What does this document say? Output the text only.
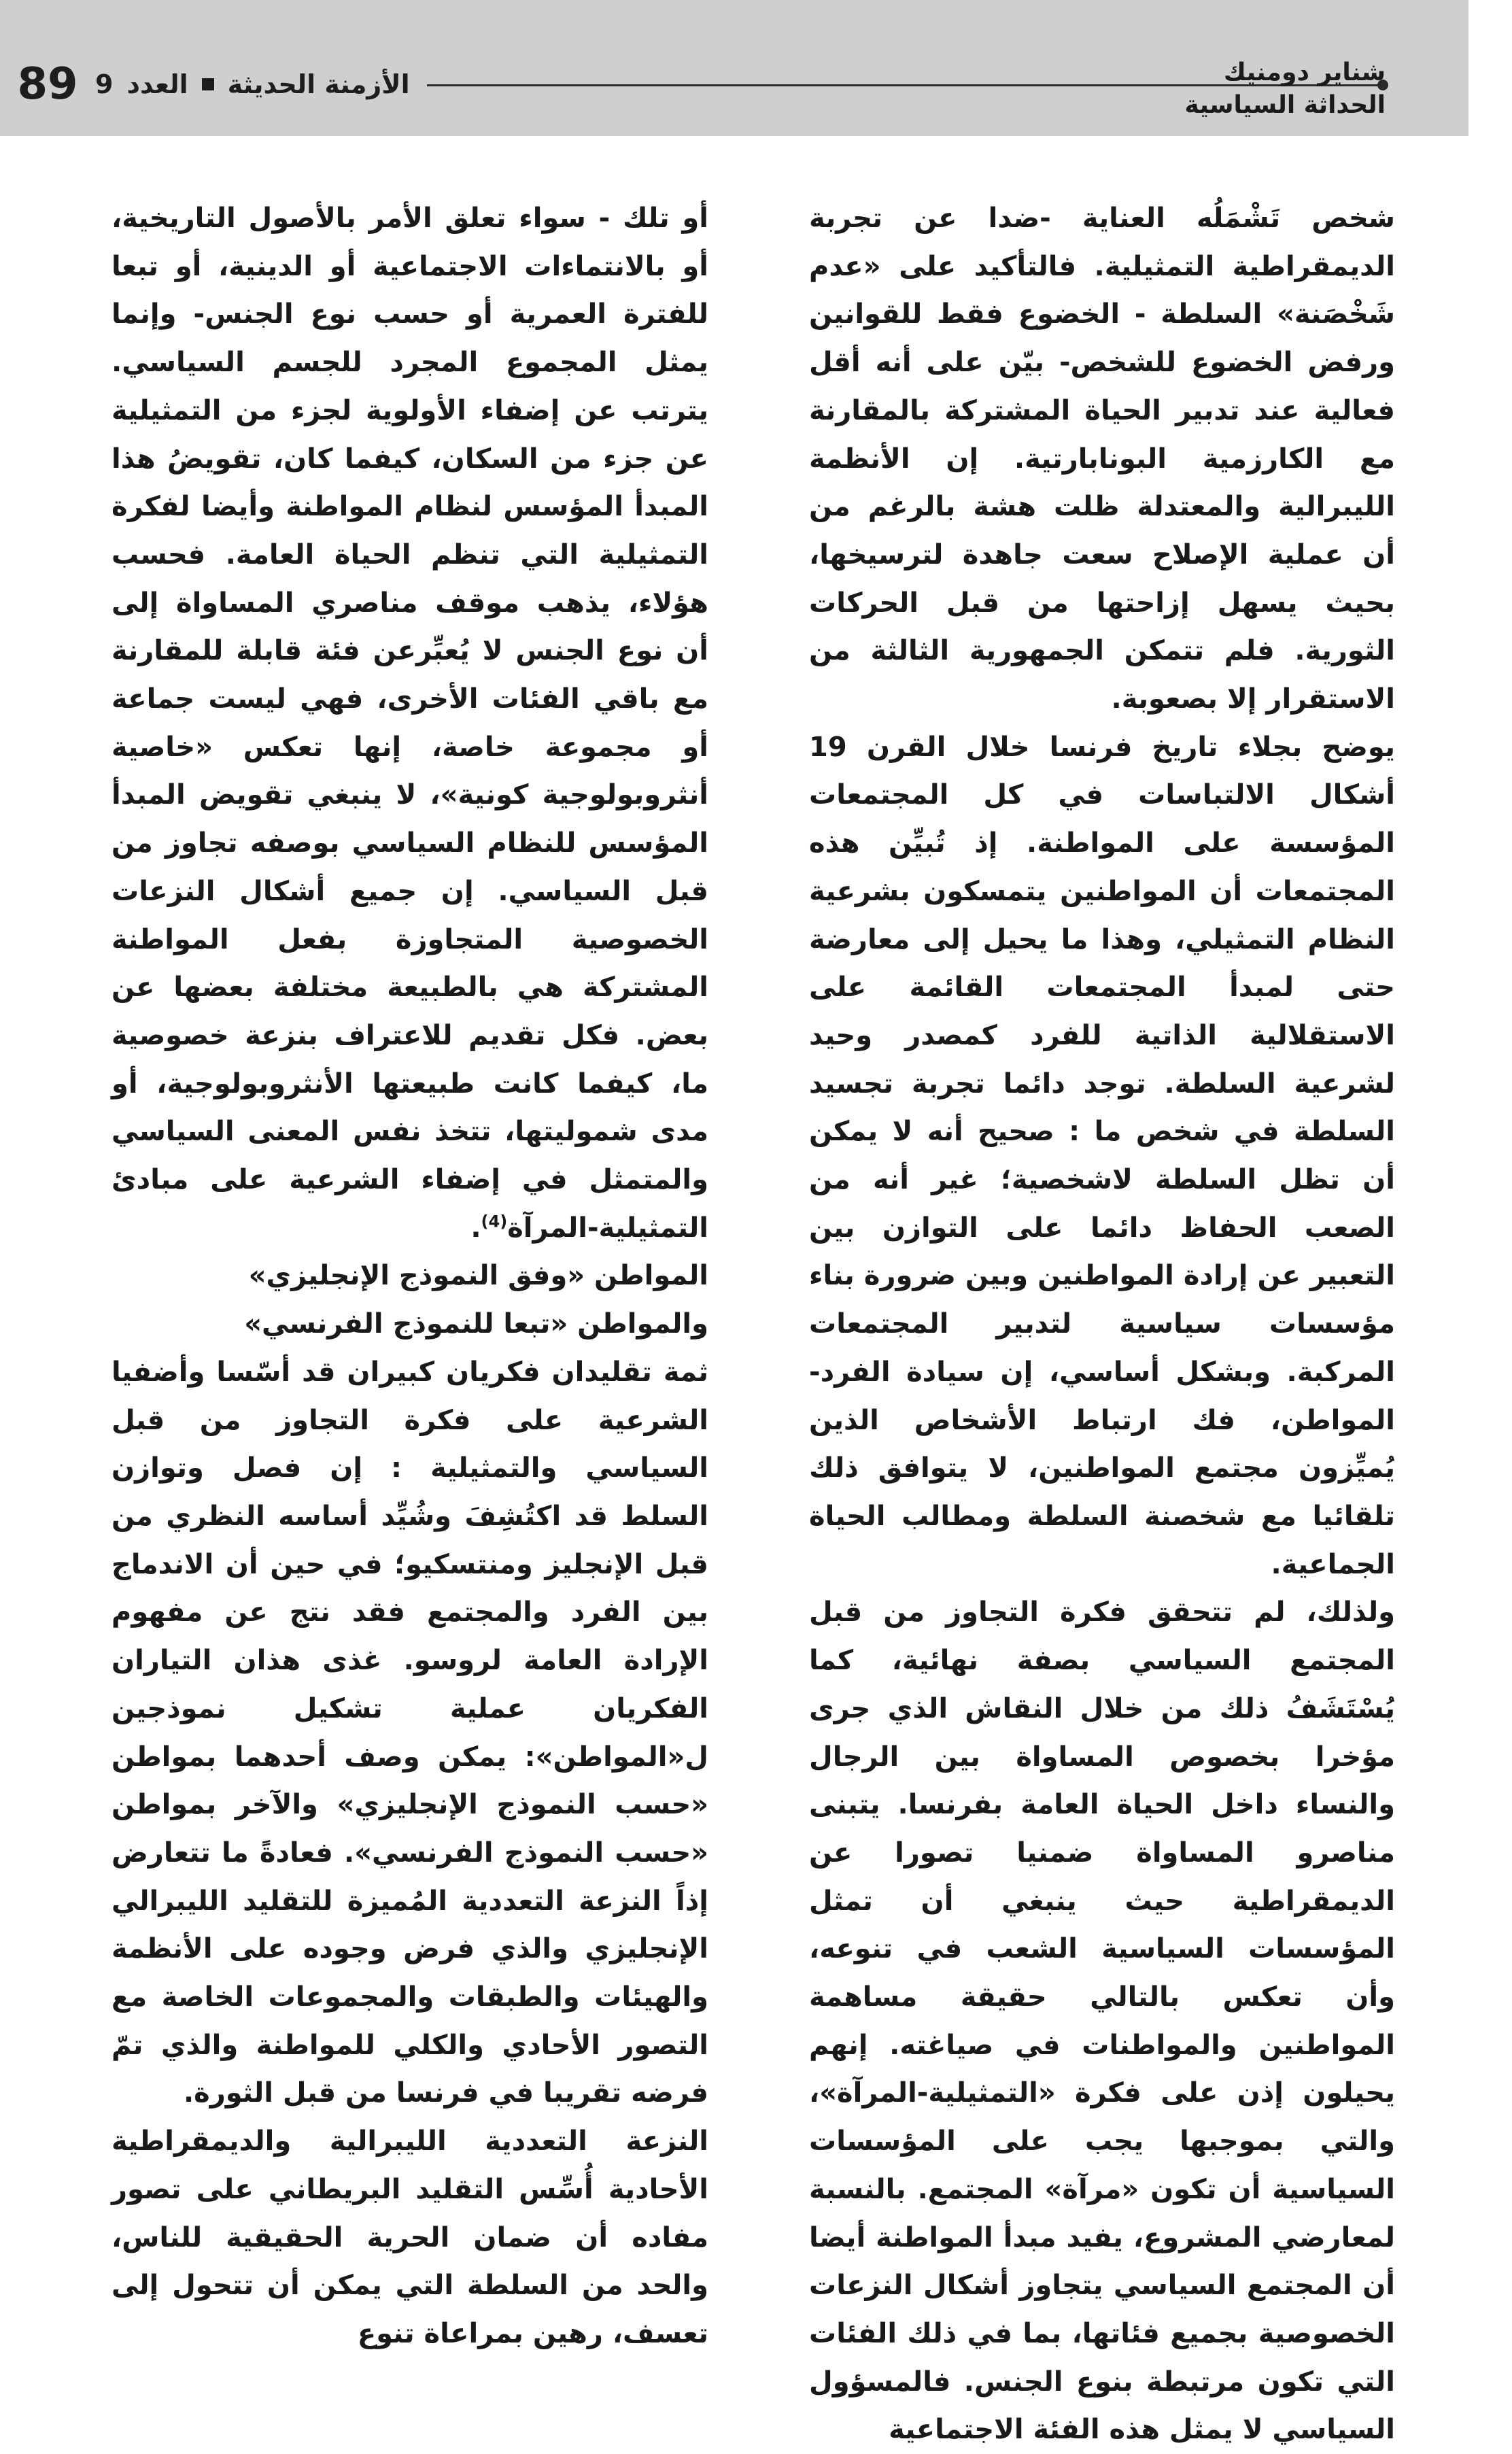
شناير دومنيك
الحداثة السياسية
89	الأزمنة الحديثة
العدد
9

شخص تَشْمَلُه العناية -ضدا عن تجربة الديمقراطية التمثيلية. فالتأكيد على «عدم شَخْصَنة» السلطة - الخضوع فقط للقوانين ورفض الخضوع للشخص- بيّن على أنه أقل فعالية عند تدبير الحياة المشتركة بالمقارنة مع الكارزمية البونابارتية. إن الأنظمة الليبرالية والمعتدلة ظلت هشة بالرغم من أن عملية الإصلاح سعت جاهدة لترسيخها، بحيث يسهل إزاحتها من قبل الحركات الثورية. فلم تتمكن الجمهورية الثالثة من الاستقرار إلا بصعوبة.

يوضح بجلاء تاريخ فرنسا خلال القرن 19 أشكال الالتباسات في كل المجتمعات المؤسسة على المواطنة. إذ تُبيِّن هذه المجتمعات أن المواطنين يتمسكون بشرعية النظام التمثيلي، وهذا ما يحيل إلى معارضة حتى لمبدأ المجتمعات القائمة على الاستقلالية الذاتية للفرد كمصدر وحيد لشرعية السلطة. توجد دائما تجربة تجسيد السلطة في شخص ما : صحيح أنه لا يمكن أن تظل السلطة لاشخصية؛ غير أنه من الصعب الحفاظ دائما على التوازن بين التعبير عن إرادة المواطنين وبين ضرورة بناء مؤسسات سياسية لتدبير المجتمعات المركبة. وبشكل أساسي، إن سيادة الفرد-المواطن، فك ارتباط الأشخاص الذين يُميِّزون مجتمع المواطنين، لا يتوافق ذلك تلقائيا مع شخصنة السلطة ومطالب الحياة الجماعية.

ولذلك، لم تتحقق فكرة التجاوز من قبل المجتمع السياسي بصفة نهائية، كما يُسْتَشَفُ ذلك من خلال النقاش الذي جرى مؤخرا بخصوص المساواة بين الرجال والنساء داخل الحياة العامة بفرنسا. يتبنى مناصرو المساواة ضمنيا تصورا عن الديمقراطية حيث ينبغي أن تمثل المؤسسات السياسية الشعب في تنوعه، وأن تعكس بالتالي حقيقة مساهمة المواطنين والمواطنات في صياغته. إنهم يحيلون إذن على فكرة «التمثيلية-المرآة»، والتي بموجبها يجب على المؤسسات السياسية أن تكون «مرآة» المجتمع. بالنسبة لمعارضي المشروع، يفيد مبدأ المواطنة أيضا أن المجتمع السياسي يتجاوز أشكال النزعات الخصوصية بجميع فئاتها، بما في ذلك الفئات التي تكون مرتبطة بنوع الجنس. فالمسؤول السياسي لا يمثل هذه الفئة الاجتماعية

أو تلك - سواء تعلق الأمر بالأصول التاريخية، أو بالانتماءات الاجتماعية أو الدينية، أو تبعا للفترة العمرية أو حسب نوع الجنس- وإنما يمثل المجموع المجرد للجسم السياسي. يترتب عن إضفاء الأولوية لجزء من التمثيلية عن جزء من السكان، كيفما كان، تقويضُ هذا المبدأ المؤسس لنظام المواطنة وأيضا لفكرة التمثيلية التي تنظم الحياة العامة. فحسب هؤلاء، يذهب موقف مناصري المساواة إلى أن نوع الجنس لا يُعبِّرعن فئة قابلة للمقارنة مع باقي الفئات الأخرى، فهي ليست جماعة أو مجموعة خاصة، إنها تعكس «خاصية أنثروبولوجية كونية»، لا ينبغي تقويض المبدأ المؤسس للنظام السياسي بوصفه تجاوز من قبل السياسي. إن جميع أشكال النزعات الخصوصية المتجاوزة بفعل المواطنة المشتركة هي بالطبيعة مختلفة بعضها عن بعض. فكل تقديم للاعتراف بنزعة خصوصية ما، كيفما كانت طبيعتها الأنثروبولوجية، أو مدى شموليتها، تتخذ نفس المعنى السياسي والمتمثل في إضفاء الشرعية على مبادئ التمثيلية-المرآة$^{(4)}$.

المواطن «وفق النموذج الإنجليزي» والمواطن «تبعا للنموذج الفرنسي»

ثمة تقليدان فكريان كبيران قد أسّسا وأضفيا الشرعية على فكرة التجاوز من قبل السياسي والتمثيلية : إن فصل وتوازن السلط قد اكتُشِفَ وشُيِّد أساسه النظري من قبل الإنجليز ومنتسكيو؛ في حين أن الاندماج بين الفرد والمجتمع فقد نتج عن مفهوم الإرادة العامة لروسو. غذى هذان التياران الفكريان عملية تشكيل نموذجين ل«المواطن»: يمكن وصف أحدهما بمواطن «حسب النموذج الإنجليزي» والآخر بمواطن «حسب النموذج الفرنسي». فعادةً ما تتعارض إذاً النزعة التعددية المُميزة للتقليد الليبرالي الإنجليزي والذي فرض وجوده على الأنظمة والهيئات والطبقات والمجموعات الخاصة مع التصور الأحادي والكلي للمواطنة والذي تمّ فرضه تقريبا في فرنسا من قبل الثورة.

النزعة التعددية الليبرالية والديمقراطية الأحادية أُسِّس التقليد البريطاني على تصور مفاده أن ضمان الحرية الحقيقية للناس، والحد من السلطة التي يمكن أن تتحول إلى تعسف، رهين بمراعاة تنوع
